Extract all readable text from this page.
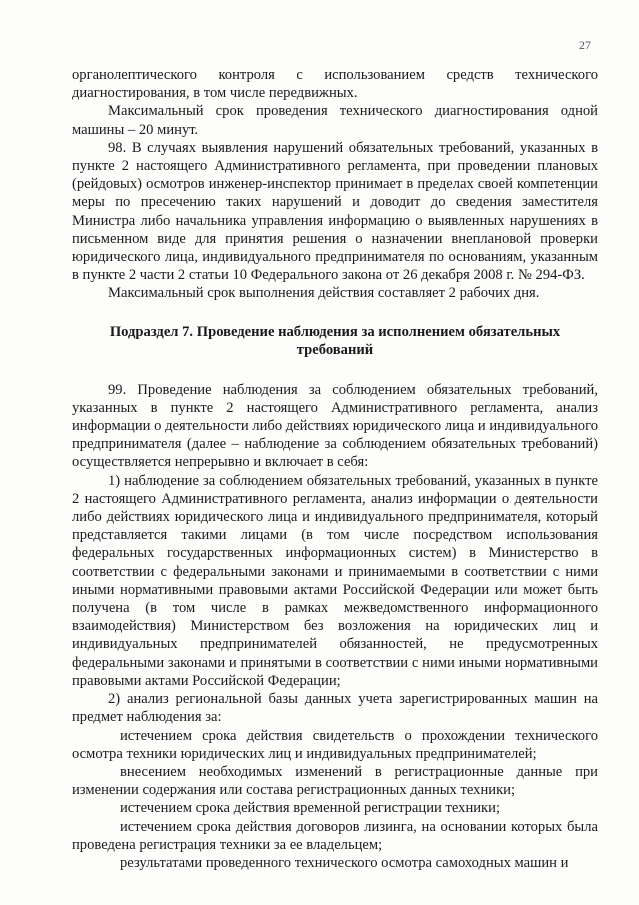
27

органолептического контроля с использованием средств технического диагностирования, в том числе передвижных.

Максимальный срок проведения технического диагностирования одной машины – 20 минут.

98. В случаях выявления нарушений обязательных требований, указанных в пункте 2 настоящего Административного регламента, при проведении плановых (рейдовых) осмотров инженер-инспектор принимает в пределах своей компетенции меры по пресечению таких нарушений и доводит до сведения заместителя Министра либо начальника управления информацию о выявленных нарушениях в письменном виде для принятия решения о назначении внеплановой проверки юридического лица, индивидуального предпринимателя по основаниям, указанным в пункте 2 части 2 статьи 10 Федерального закона от 26 декабря 2008 г. № 294-ФЗ.

Максимальный срок выполнения действия составляет 2 рабочих дня.

Подраздел 7. Проведение наблюдения за исполнением обязательных требований

99. Проведение наблюдения за соблюдением обязательных требований, указанных в пункте 2 настоящего Административного регламента, анализ информации о деятельности либо действиях юридического лица и индивидуального предпринимателя (далее – наблюдение за соблюдением обязательных требований) осуществляется непрерывно и включает в себя:

1) наблюдение за соблюдением обязательных требований, указанных в пункте 2 настоящего Административного регламента, анализ информации о деятельности либо действиях юридического лица и индивидуального предпринимателя, который представляется такими лицами (в том числе посредством использования федеральных государственных информационных систем) в Министерство в соответствии с федеральными законами и принимаемыми в соответствии с ними иными нормативными правовыми актами Российской Федерации или может быть получена (в том числе в рамках межведомственного информационного взаимодействия) Министерством без возложения на юридических лиц и индивидуальных предпринимателей обязанностей, не предусмотренных федеральными законами и принятыми в соответствии с ними иными нормативными правовыми актами Российской Федерации;

2) анализ региональной базы данных учета зарегистрированных машин на предмет наблюдения за:

истечением срока действия свидетельств о прохождении технического осмотра техники юридических лиц и индивидуальных предпринимателей;

внесением необходимых изменений в регистрационные данные при изменении содержания или состава регистрационных данных техники;

истечением срока действия временной регистрации техники;

истечением срока действия договоров лизинга, на основании которых была проведена регистрация техники за ее владельцем;

результатами проведенного технического осмотра самоходных машин и
